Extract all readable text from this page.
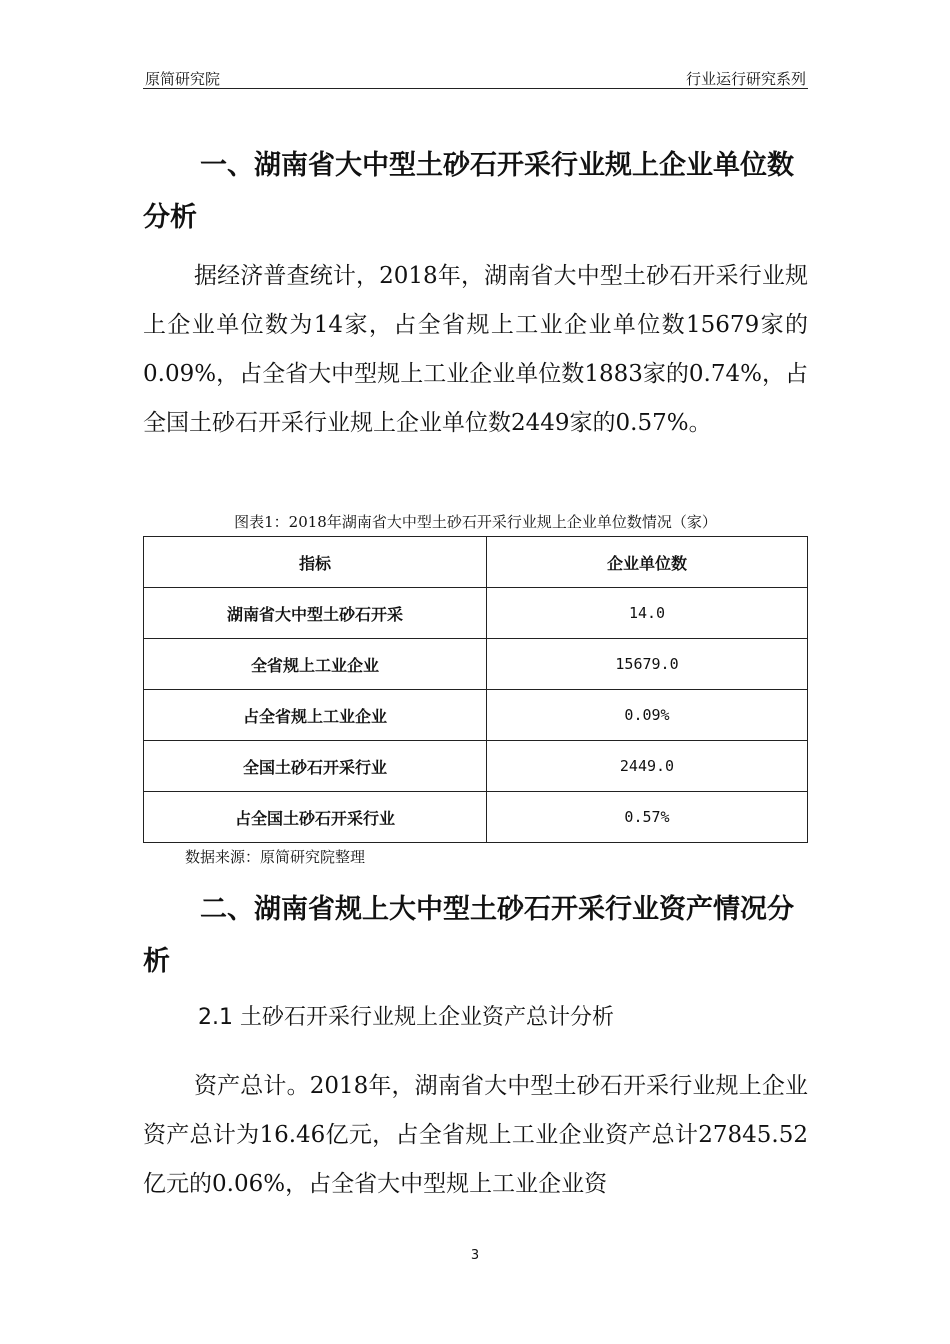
原简研究院	行业运行研究系列
一、湖南省大中型土砂石开采行业规上企业单位数分析

据经济普查统计，2018年，湖南省大中型土砂石开采行业规上企业单位数为14家，占全省规上工业企业单位数15679家的0.09%，占全省大中型规上工业企业单位数1883家的0.74%，占全国土砂石开采行业规上企业单位数2449家的0.57%。

图表1：2018年湖南省大中型土砂石开采行业规上企业单位数情况（家）
指标	企业单位数
湖南省大中型土砂石开采	14.0
全省规上工业企业	15679.0
占全省规上工业企业	0.09%
全国土砂石开采行业	2449.0
占全国土砂石开采行业	0.57%
数据来源：原简研究院整理
二、湖南省规上大中型土砂石开采行业资产情况分析
2.1 土砂石开采行业规上企业资产总计分析

资产总计。2018年，湖南省大中型土砂石开采行业规上企业资产总计为16.46亿元，占全省规上工业企业资产总计27845.52亿元的0.06%，占全省大中型规上工业企业资

3
